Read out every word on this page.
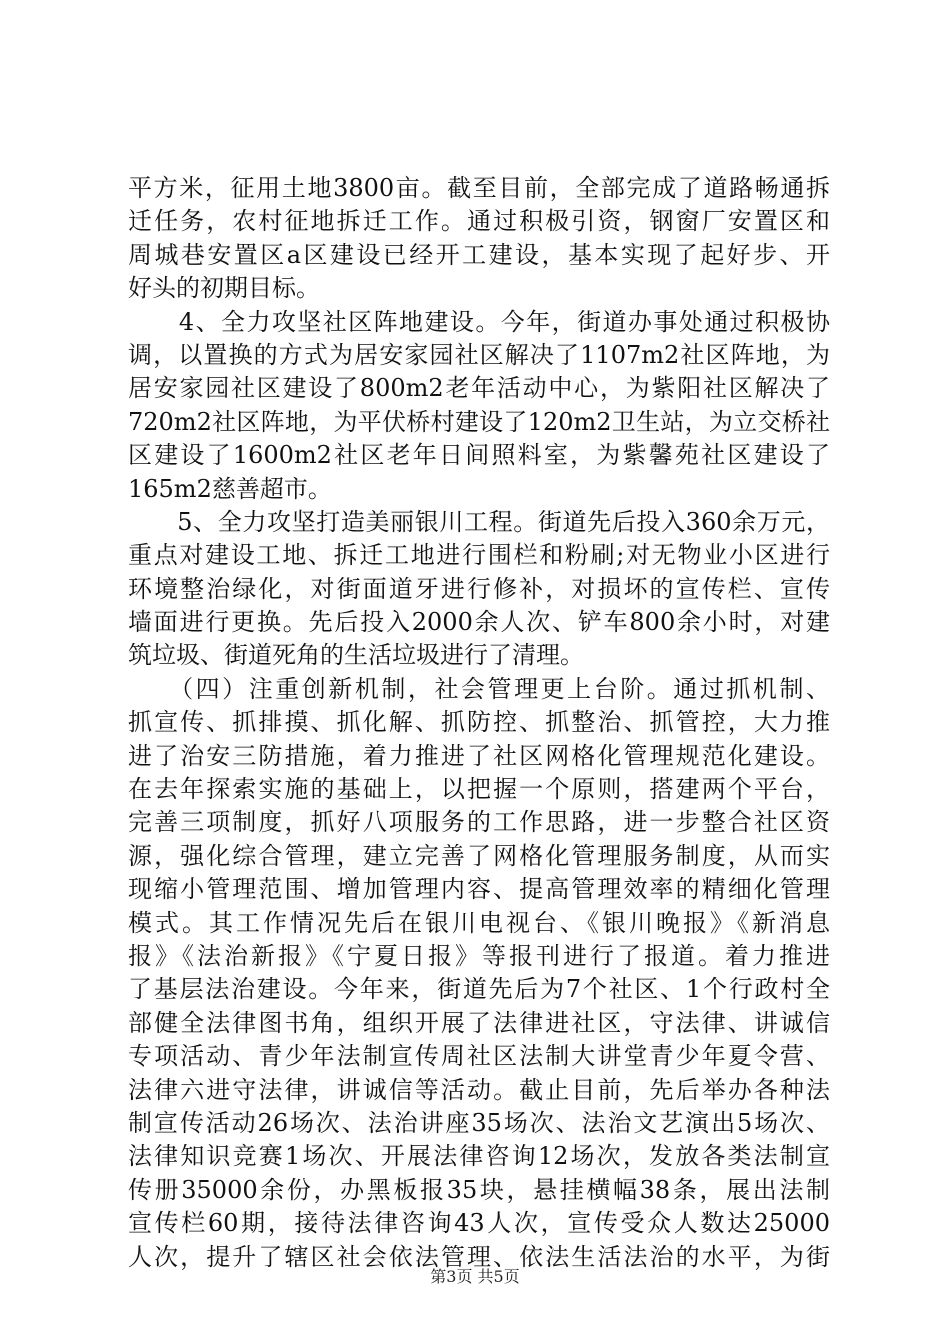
平方米，征用土地3800亩。截至目前，全部完成了道路畅通拆
迁任务，农村征地拆迁工作。通过积极引资，钢窗厂安置区和
周城巷安置区a区建设已经开工建设，基本实现了起好步、开
好头的初期目标。
　　4、全力攻坚社区阵地建设。今年，街道办事处通过积极协
调，以置换的方式为居安家园社区解决了1107m2社区阵地，为
居安家园社区建设了800m2老年活动中心，为紫阳社区解决了
720m2社区阵地，为平伏桥村建设了120m2卫生站，为立交桥社
区建设了1600m2社区老年日间照料室，为紫馨苑社区建设了
165m2慈善超市。
　　5、全力攻坚打造美丽银川工程。街道先后投入360余万元，
重点对建设工地、拆迁工地进行围栏和粉刷;对无物业小区进行
环境整治绿化，对街面道牙进行修补，对损坏的宣传栏、宣传
墙面进行更换。先后投入2000余人次、铲车800余小时，对建
筑垃圾、街道死角的生活垃圾进行了清理。
　　（四）注重创新机制，社会管理更上台阶。通过抓机制、
抓宣传、抓排摸、抓化解、抓防控、抓整治、抓管控，大力推
进了治安三防措施，着力推进了社区网格化管理规范化建设。
在去年探索实施的基础上，以把握一个原则，搭建两个平台，
完善三项制度，抓好八项服务的工作思路，进一步整合社区资
源，强化综合管理，建立完善了网格化管理服务制度，从而实
现缩小管理范围、增加管理内容、提高管理效率的精细化管理
模式。其工作情况先后在银川电视台、《银川晚报》《新消息
报》《法治新报》《宁夏日报》等报刊进行了报道。着力推进
了基层法治建设。今年来，街道先后为7个社区、1个行政村全
部健全法律图书角，组织开展了法律进社区，守法律、讲诚信
专项活动、青少年法制宣传周社区法制大讲堂青少年夏令营、
法律六进守法律，讲诚信等活动。截止目前，先后举办各种法
制宣传活动26场次、法治讲座35场次、法治文艺演出5场次、
法律知识竞赛1场次、开展法律咨询12场次，发放各类法制宣
传册35000余份，办黑板报35块，悬挂横幅38条，展出法制
宣传栏60期，接待法律咨询43人次，宣传受众人数达25000
人次，提升了辖区社会依法管理、依法生活法治的水平，为街
第3页 共5页
